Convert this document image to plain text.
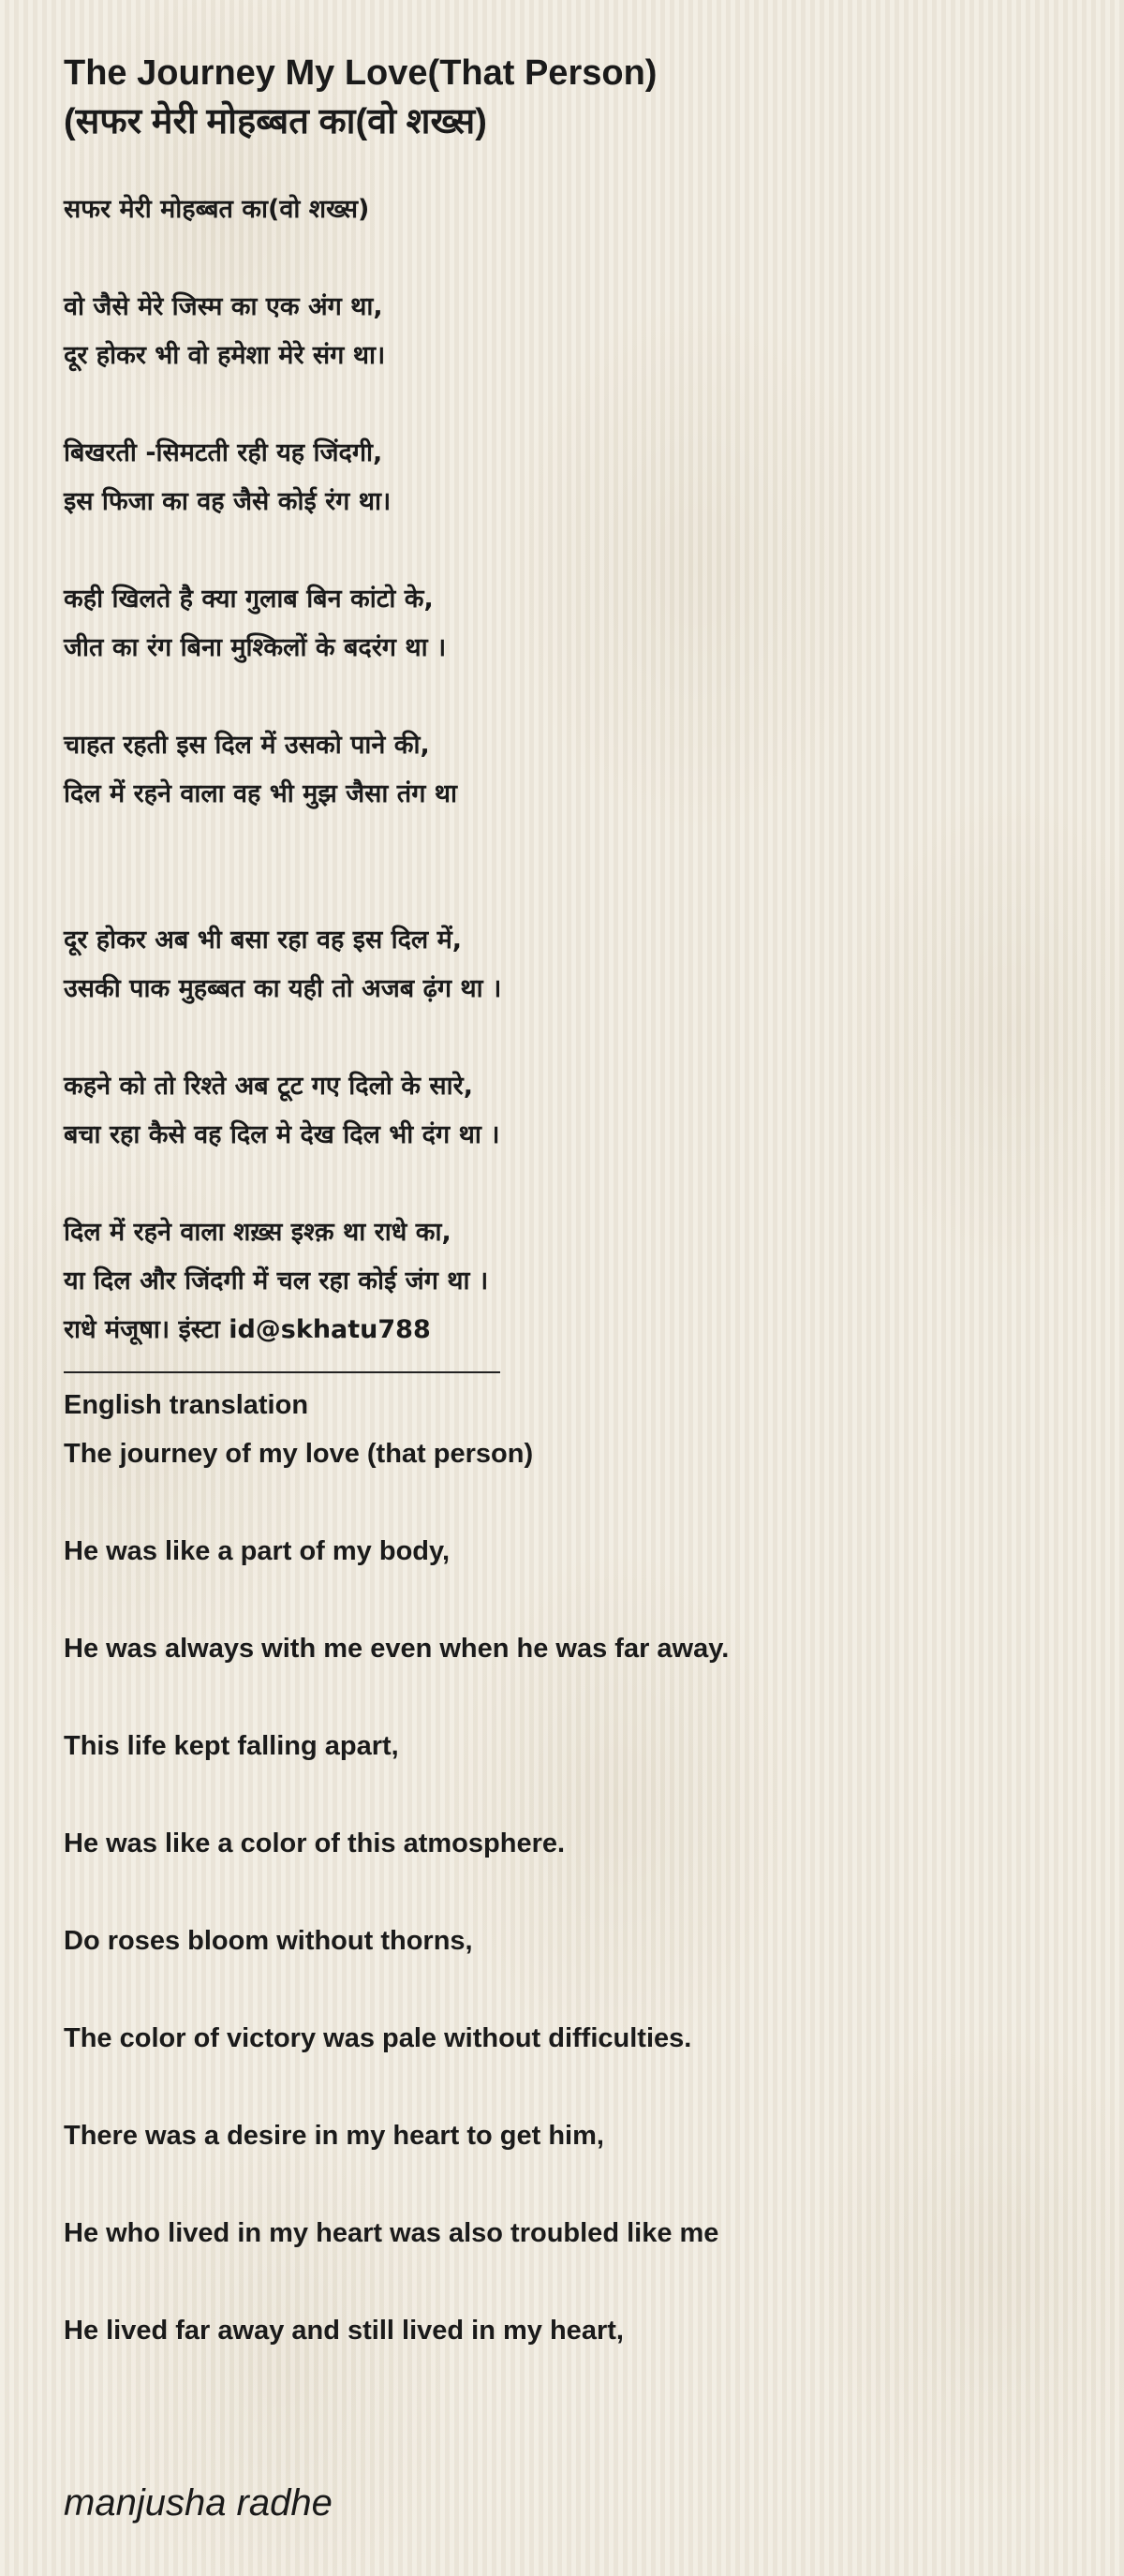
The Journey My Love(That Person)
(सफर मेरी मोहब्बत का(वो शख्स)
सफर मेरी मोहब्बत का(वो शख्स)
वो जैसे मेरे जिस्म का एक अंग था,
दूर होकर भी वो हमेशा मेरे संग था।
बिखरती -सिमटती रही यह जिंदगी,
इस फिजा का वह जैसे कोई रंग था।
कही खिलते है क्या गुलाब बिन कांटो के,
जीत का रंग बिना मुश्किलों के बदरंग था ।
चाहत रहती इस दिल में उसको पाने की,
दिल में रहने वाला वह भी मुझ जैसा तंग था
दूर होकर अब भी बसा रहा वह इस दिल में,
उसकी पाक मुहब्बत का यही तो अजब ढ़ंग था ।
कहने को तो रिश्ते अब टूट गए दिलो के सारे,
बचा रहा कैसे वह दिल मे देख दिल भी दंग था ।
दिल में रहने वाला शख़्स इश्क़ था राधे का,
या दिल और जिंदगी में चल रहा कोई जंग था ।
राधे मंजूषा। इंस्टा id@skhatu788
English translation
The journey of my love (that person)
He was like a part of my body,
He was always with me even when he was far away.
This life kept falling apart,
He was like a color of this atmosphere.
Do roses bloom without thorns,
The color of victory was pale without difficulties.
There was a desire in my heart to get him,
He who lived in my heart was also troubled like me
He lived far away and still lived in my heart,
manjusha radhe
